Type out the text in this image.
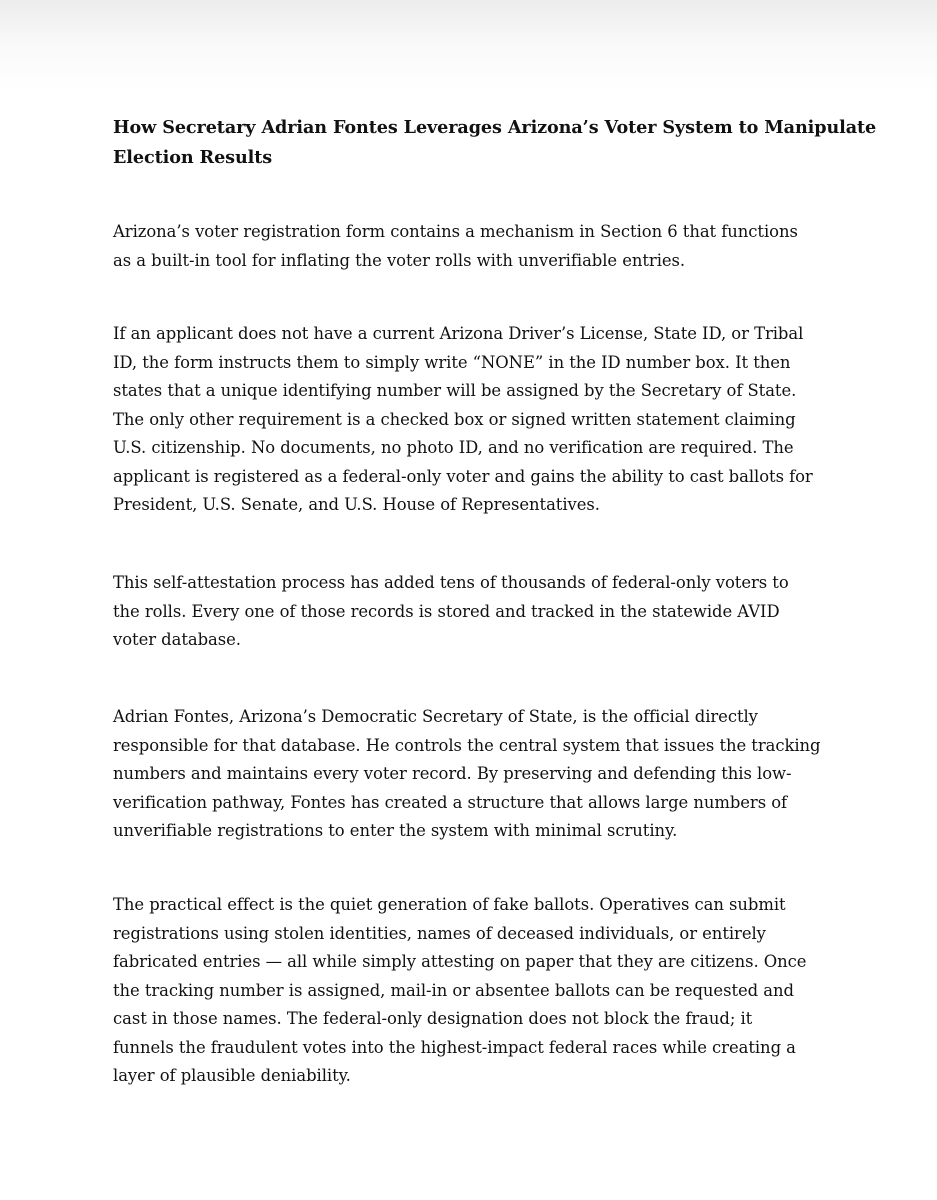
How Secretary Adrian Fontes Leverages Arizona’s Voter System to Manipulate
Election Results

Arizona’s voter registration form contains a mechanism in Section 6 that functions
as a built-in tool for inflating the voter rolls with unverifiable entries.

If an applicant does not have a current Arizona Driver’s License, State ID, or Tribal
ID, the form instructs them to simply write “NONE” in the ID number box. It then
states that a unique identifying number will be assigned by the Secretary of State.
The only other requirement is a checked box or signed written statement claiming
U.S. citizenship. No documents, no photo ID, and no verification are required. The
applicant is registered as a federal-only voter and gains the ability to cast ballots for
President, U.S. Senate, and U.S. House of Representatives.

This self-attestation process has added tens of thousands of federal-only voters to
the rolls. Every one of those records is stored and tracked in the statewide AVID
voter database.

Adrian Fontes, Arizona’s Democratic Secretary of State, is the official directly
responsible for that database. He controls the central system that issues the tracking
numbers and maintains every voter record. By preserving and defending this low-
verification pathway, Fontes has created a structure that allows large numbers of
unverifiable registrations to enter the system with minimal scrutiny.

The practical effect is the quiet generation of fake ballots. Operatives can submit
registrations using stolen identities, names of deceased individuals, or entirely
fabricated entries — all while simply attesting on paper that they are citizens. Once
the tracking number is assigned, mail-in or absentee ballots can be requested and
cast in those names. The federal-only designation does not block the fraud; it
funnels the fraudulent votes into the highest-impact federal races while creating a
layer of plausible deniability.
